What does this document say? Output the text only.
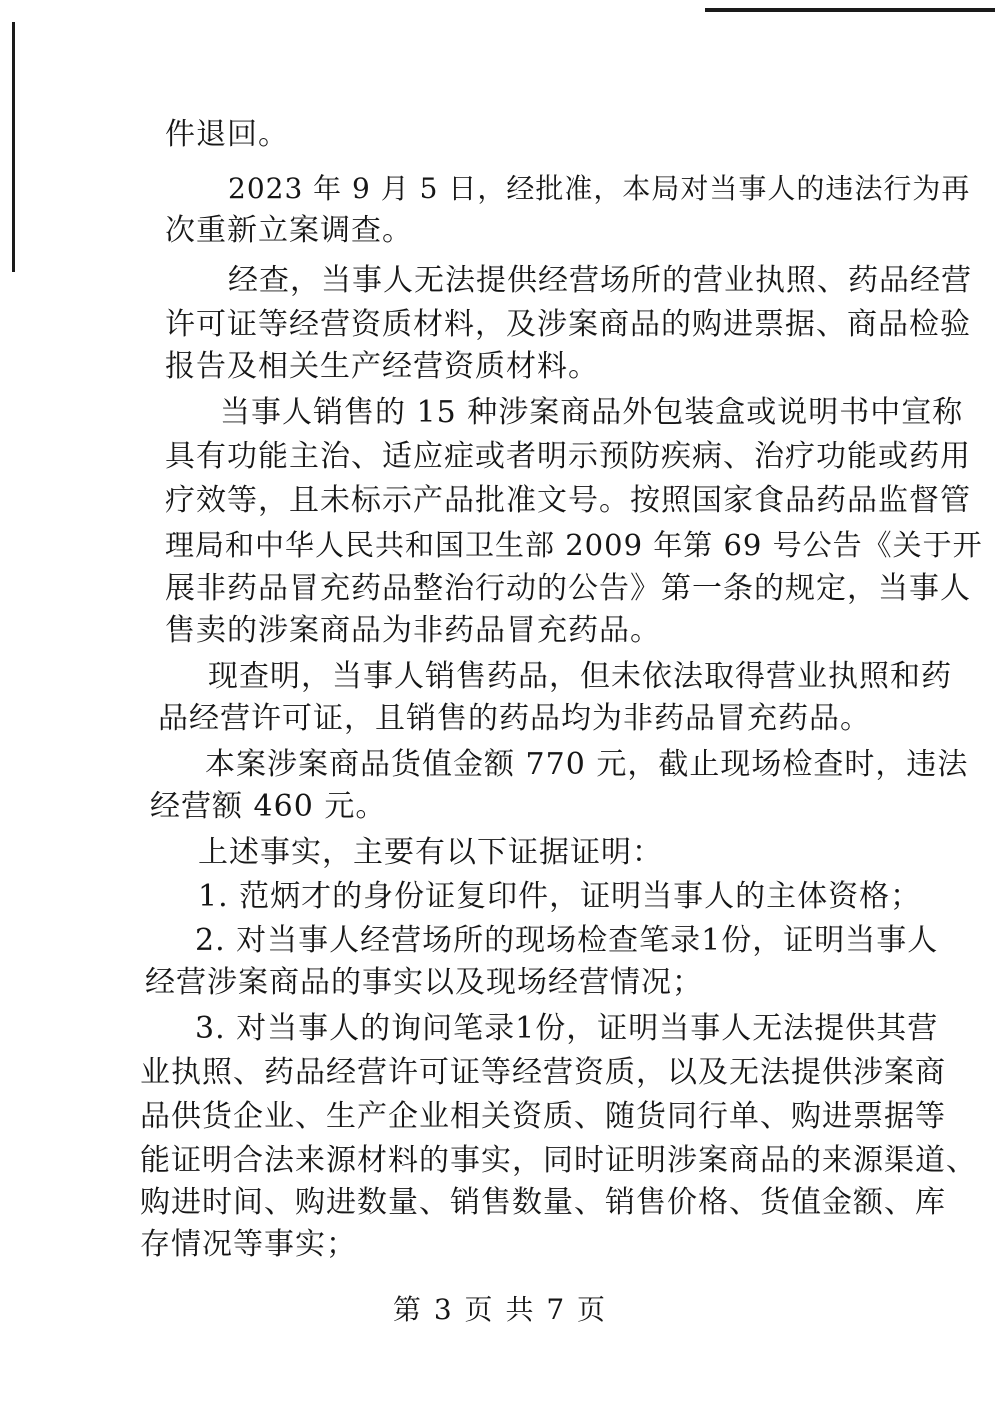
件退回。
2023 年 9 月 5 日，经批准，本局对当事人的违法行为再
次重新立案调查。
经查，当事人无法提供经营场所的营业执照、药品经营
许可证等经营资质材料，及涉案商品的购进票据、商品检验
报告及相关生产经营资质材料。
当事人销售的 15 种涉案商品外包装盒或说明书中宣称
具有功能主治、适应症或者明示预防疾病、治疗功能或药用
疗效等，且未标示产品批准文号。按照国家食品药品监督管
理局和中华人民共和国卫生部 2009 年第 69 号公告《关于开
展非药品冒充药品整治行动的公告》第一条的规定，当事人
售卖的涉案商品为非药品冒充药品。
现查明，当事人销售药品，但未依法取得营业执照和药
品经营许可证，且销售的药品均为非药品冒充药品。
本案涉案商品货值金额 770 元，截止现场检查时，违法
经营额 460 元。
上述事实，主要有以下证据证明：
1. 范炳才的身份证复印件，证明当事人的主体资格；
2. 对当事人经营场所的现场检查笔录1份，证明当事人
经营涉案商品的事实以及现场经营情况；
3. 对当事人的询问笔录1份，证明当事人无法提供其营
业执照、药品经营许可证等经营资质，以及无法提供涉案商
品供货企业、生产企业相关资质、随货同行单、购进票据等
能证明合法来源材料的事实，同时证明涉案商品的来源渠道、
购进时间、购进数量、销售数量、销售价格、货值金额、库
存情况等事实；
第 3 页 共 7 页
